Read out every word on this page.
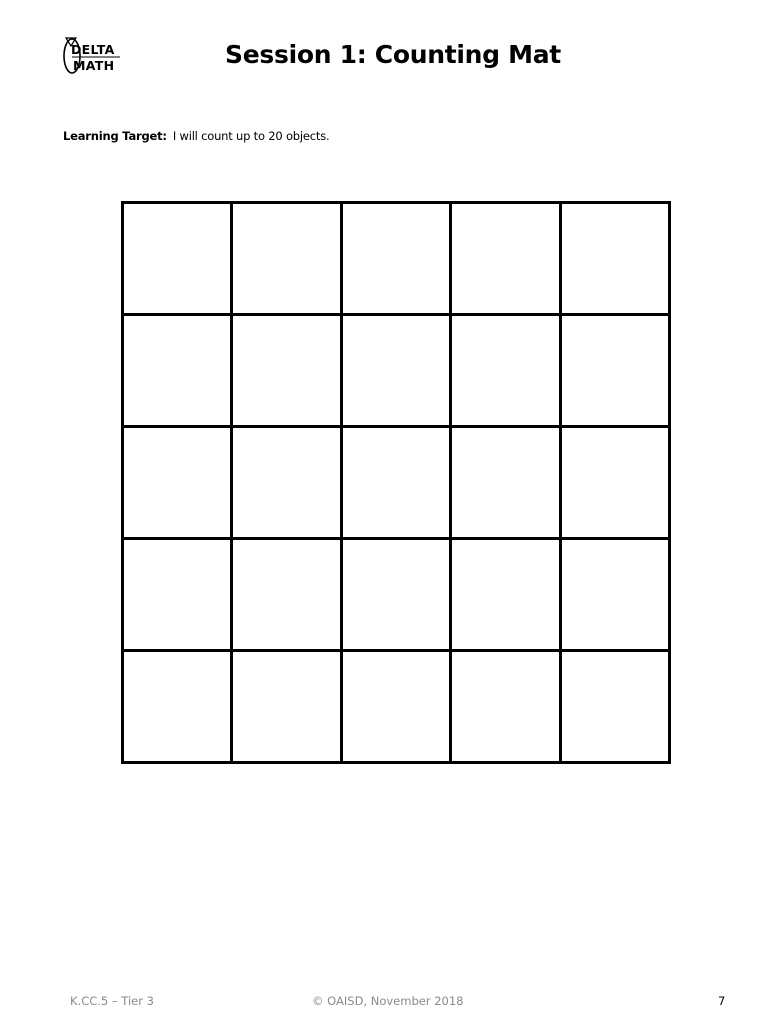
DELTA
MATH	Session 1: Counting Mat
Learning Target: I will count up to 20 objects.
K.CC.5 – Tier 3	© OAISD, November 2018	7
